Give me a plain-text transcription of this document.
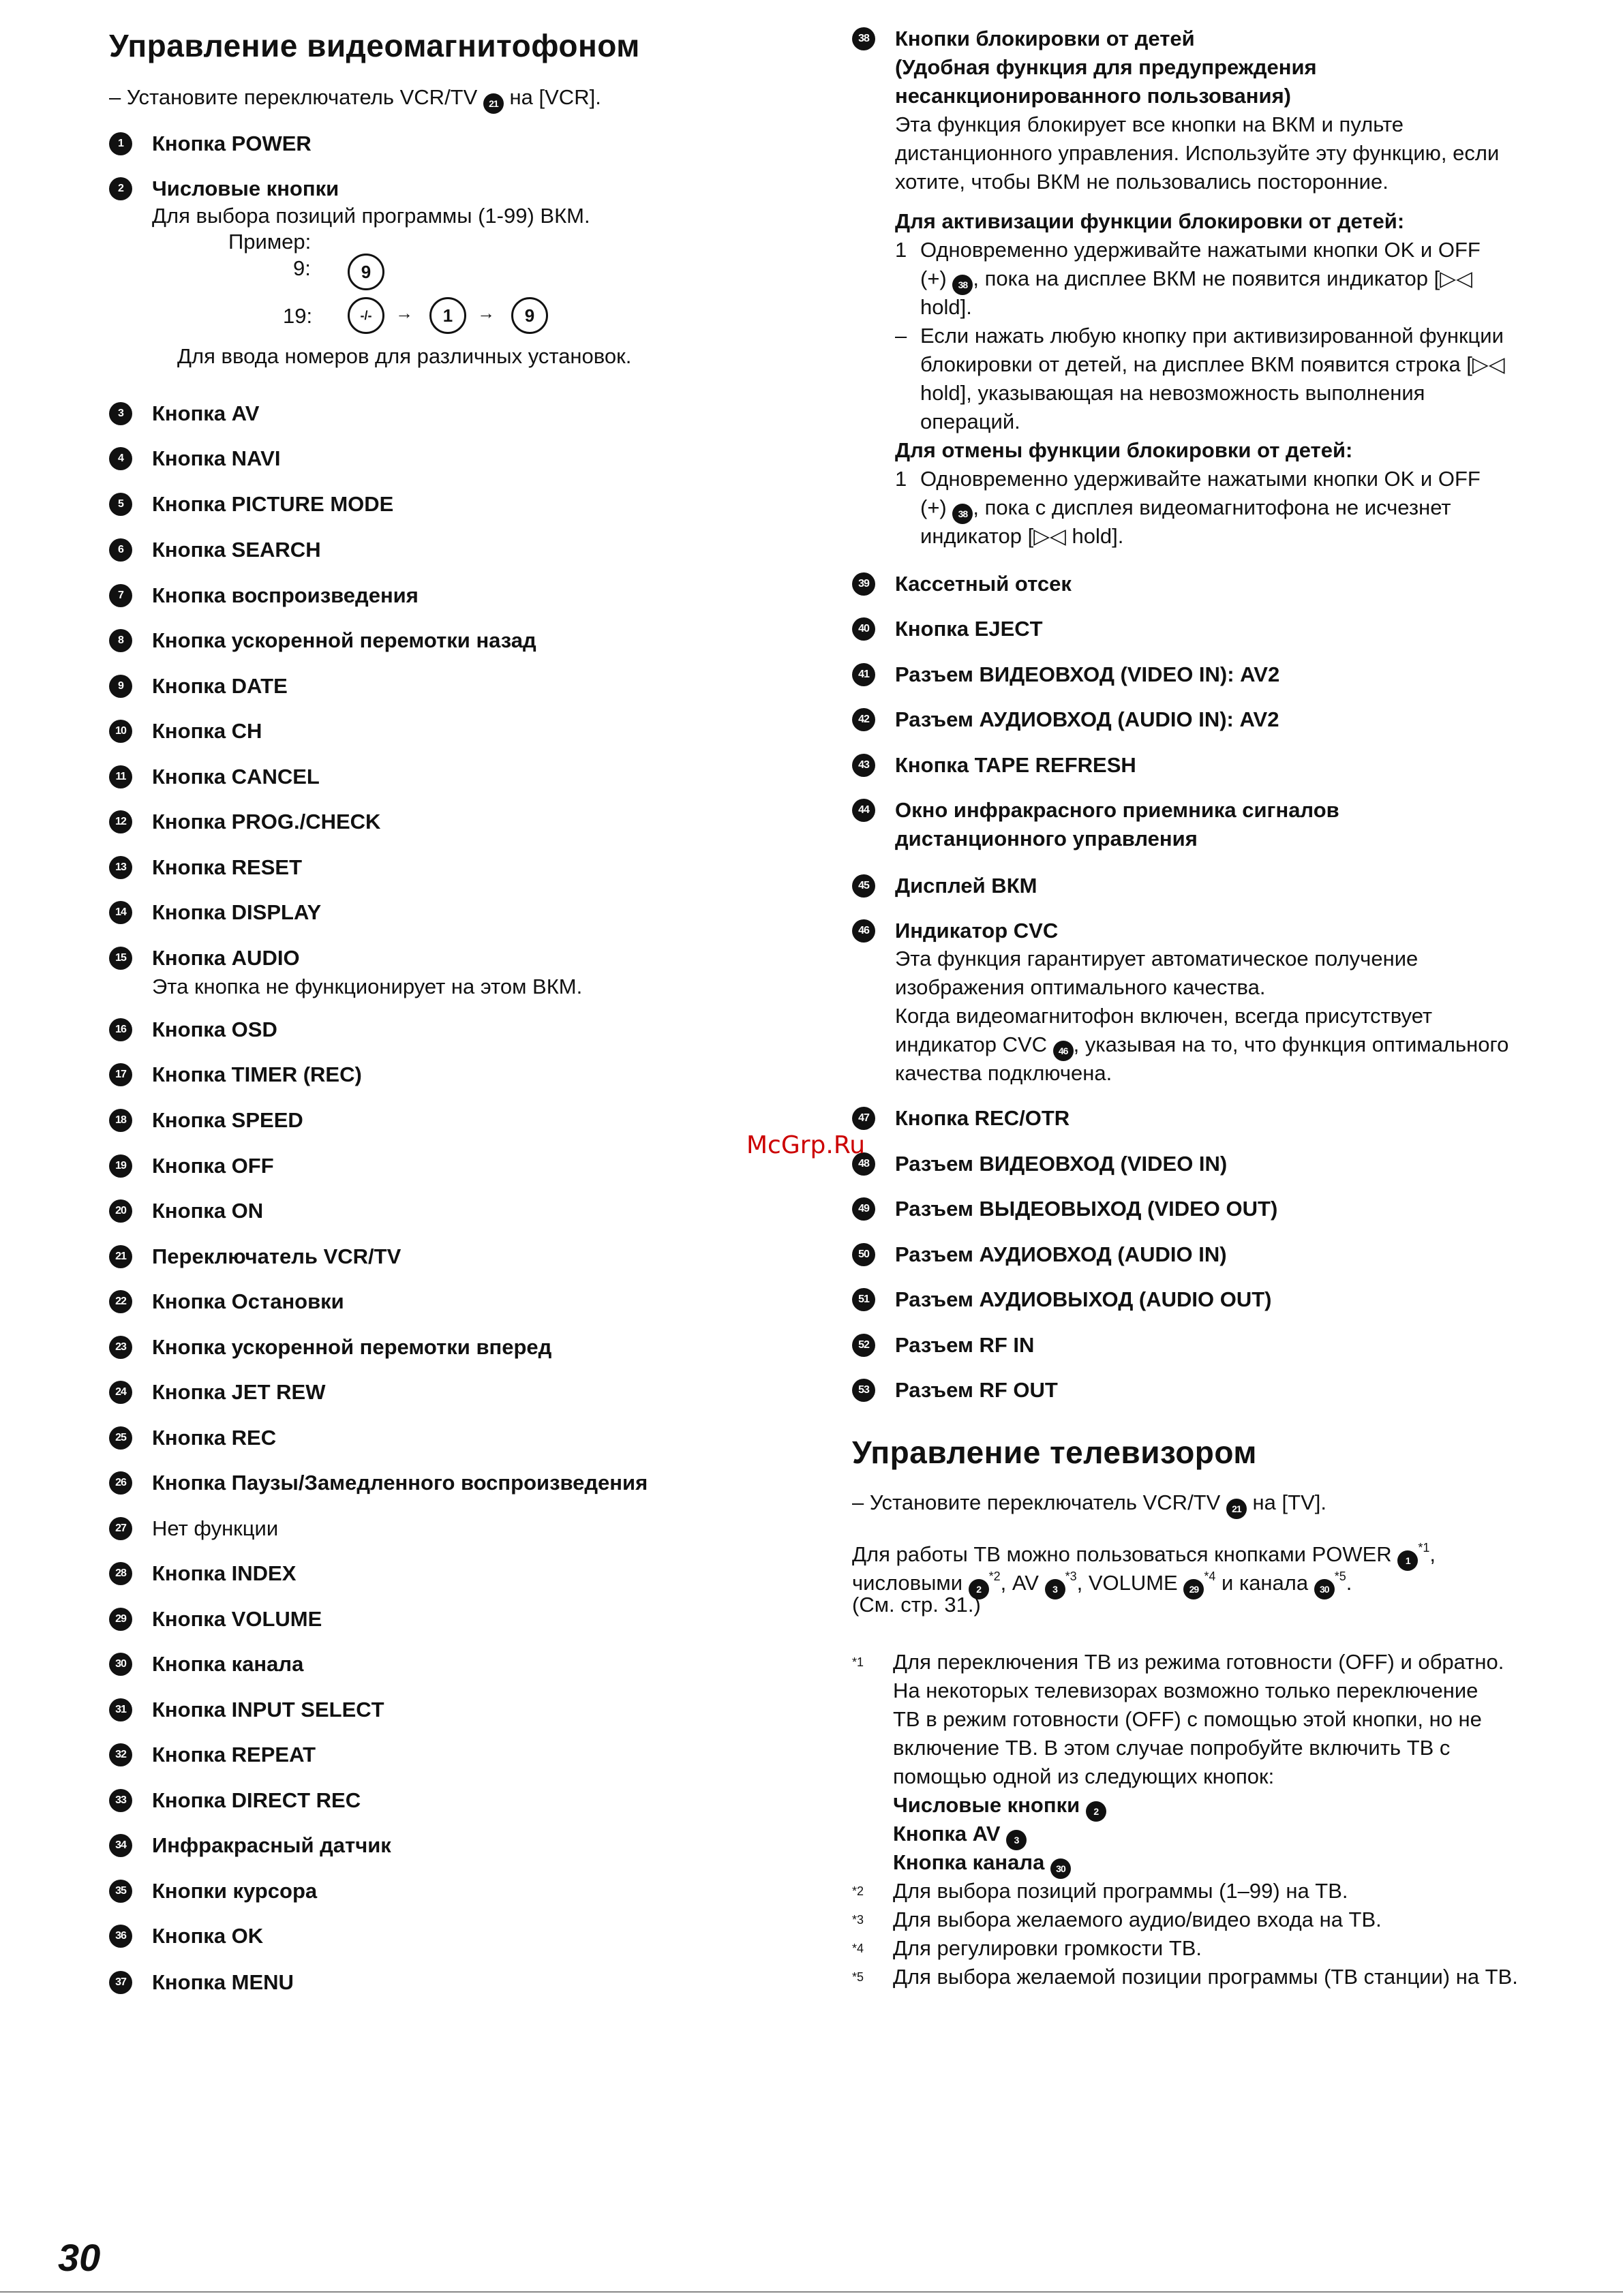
Управление видеомагнитофоном
– Установите переключатель VCR/TV 21 на [VCR].
1	Кнопка POWER
2	Числовые кнопки
3	Кнопка AV
4	Кнопка NAVI
5	Кнопка PICTURE MODE
6	Кнопка SEARCH
7	Кнопка воспроизведения
8	Кнопка ускоренной перемотки назад
9	Кнопка DATE
10 Кнопка CH
11	Кнопка CANCEL
12 Кнопка PROG./CHECK
13 Кнопка RESET
14 Кнопка DISPLAY
15 Кнопка AUDIO
Эта кнопка не функционирует на этом ВКМ.
16 Кнопка OSD
17 Кнопка TIMER (REC)
18 Кнопка SPEED
19 Кнопка OFF
20 Кнопка ON
21 Переключатель VCR/TV
22 Кнопка Остановки
23 Кнопка ускоренной перемотки вперед
24 Кнопка JET REW
25 Кнопка REC
26 Кнопка Паузы/Замедленного воспроизведения
27 Нет функции
28 Кнопка INDEX
29 Кнопка VOLUME
30 Кнопка канала
31 Кнопка INPUT SELECT
32 Кнопка REPEAT
33 Кнопка DIRECT REC
34 Инфракрасный датчик
35 Кнопки курсора
36 Кнопка OK
37 Кнопка MENU
Для выбора позиций программы (1-99) ВКМ.
Пример:
9:	9
19:	-/-	→	1	→	9
Для ввода номеров для различных установок.
38 Кнопки блокировки от детей
(Удобная функция для предупреждения
несанкционированного пользования)
Эта функция блокирует все кнопки на ВКМ и пульте
дистанционного управления. Используйте эту функцию, если
хотите, чтобы ВКМ не пользовались посторонние.
Для активизации функции блокировки от детей:
1 Одновременно удерживайте нажатыми кнопки OK и OFF
(+) 38 , пока на дисплее ВКМ не появится индикатор [▷◁
hold].
– Если нажать любую кнопку при активизированной функции
блокировки от детей, на дисплее ВКМ появится строка [▷◁
hold], указывающая на невозможность выполнения
операций.
Для отмены функции блокировки от детей:
1 Одновременно удерживайте нажатыми кнопки OK и OFF
(+) 38 , пока с дисплея видеомагнитофона не исчезнет
индикатор [▷◁ hold].
39 Кассетный отсек
40 Кнопка EJECT
41 Разъем ВИДЕОВХОД (VIDEO IN): AV2
42 Разъем АУДИОВХОД (AUDIO IN): AV2
43 Кнопка TAPE REFRESH
44 Окно инфракрасного приемника сигналов
дистанционного управления
45 Дисплей ВКМ
46 Индикатор CVC
47 Кнопка REC/OTR
48 Разъем ВИДЕОВХОД (VIDEO IN)
49 Разъем ВЫДЕОВЫХОД (VIDEO OUT)
50 Разъем АУДИОВХОД (AUDIO IN)
51 Разъем АУДИОВЫХОД (AUDIO OUT)
52 Разъем RF IN
53 Разъем RF OUT
Эта функция гарантирует автоматическое получение
изображения оптимального качества.
Когда видеомагнитофон включен, всегда присутствует
индикатор CVC 46 , указывая на то, что функция оптимального
качества подключена.
Управление телевизором
– Установите переключатель VCR/TV 21 на [TV].
Для работы ТВ можно пользоваться кнопками POWER 1$^{*1}$,
числовыми 2$^{*2}$, AV 3$^{*3}$, VOLUME 29$^{*4}$ и канала 30$^{*5}$.
(См. стр. 31.)
*1 Для переключения ТВ из режима готовности (OFF) и обратно.
На некоторых телевизорах возможно только переключение
ТВ в режим готовности (OFF) с помощью этой кнопки, но не
включение ТВ. В этом случае попробуйте включить ТВ с
помощью одной из следующих кнопок:
Числовые кнопки 2
Кнопка AV 3
Кнопка канала 30
*2 Для выбора позиций программы (1–99) на ТВ.
*3 Для выбора желаемого аудио/видео входа на ТВ.
*4 Для регулировки громкости ТВ.
*5 Для выбора желаемой позиции программы (ТВ станции) на ТВ.
McGrp.Ru
30
